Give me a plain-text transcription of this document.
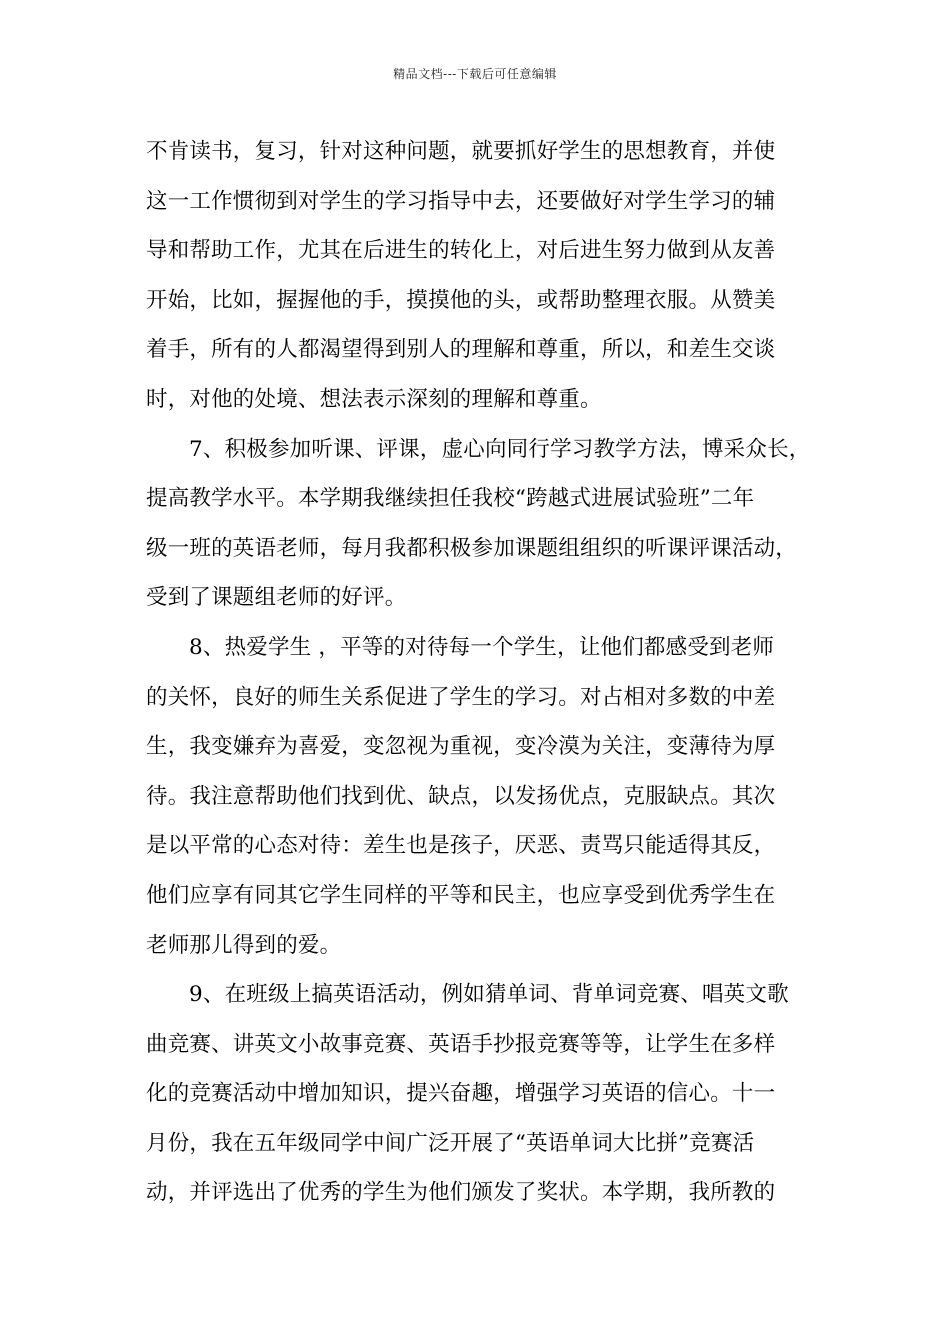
精品文档---下载后可任意编辑
不肯读书，复习，针对这种问题，就要抓好学生的思想教育，并使
这一工作惯彻到对学生的学习指导中去，还要做好对学生学习的辅
导和帮助工作，尤其在后进生的转化上，对后进生努力做到从友善
开始，比如，握握他的手，摸摸他的头，或帮助整理衣服。从赞美
着手，所有的人都渴望得到别人的理解和尊重，所以，和差生交谈
时，对他的处境、想法表示深刻的理解和尊重。
7、积极参加听课、评课，虚心向同行学习教学方法，博采众长，
提高教学水平。本学期我继续担任我校“跨越式进展试验班”二年
级一班的英语老师，每月我都积极参加课题组组织的听课评课活动，
受到了课题组老师的好评。
8、热爱学生 ，平等的对待每一个学生，让他们都感受到老师
的关怀，良好的师生关系促进了学生的学习。对占相对多数的中差
生，我变嫌弃为喜爱，变忽视为重视，变冷漠为关注，变薄待为厚
待。我注意帮助他们找到优、缺点，以发扬优点，克服缺点。其次
是以平常的心态对待：差生也是孩子，厌恶、责骂只能适得其反，
他们应享有同其它学生同样的平等和民主，也应享受到优秀学生在
老师那儿得到的爱。
9、在班级上搞英语活动，例如猜单词、背单词竞赛、唱英文歌
曲竞赛、讲英文小故事竞赛、英语手抄报竞赛等等，让学生在多样
化的竞赛活动中增加知识，提兴奋趣，增强学习英语的信心。十一
月份，我在五年级同学中间广泛开展了“英语单词大比拼”竞赛活
动，并评选出了优秀的学生为他们颁发了奖状。本学期，我所教的
